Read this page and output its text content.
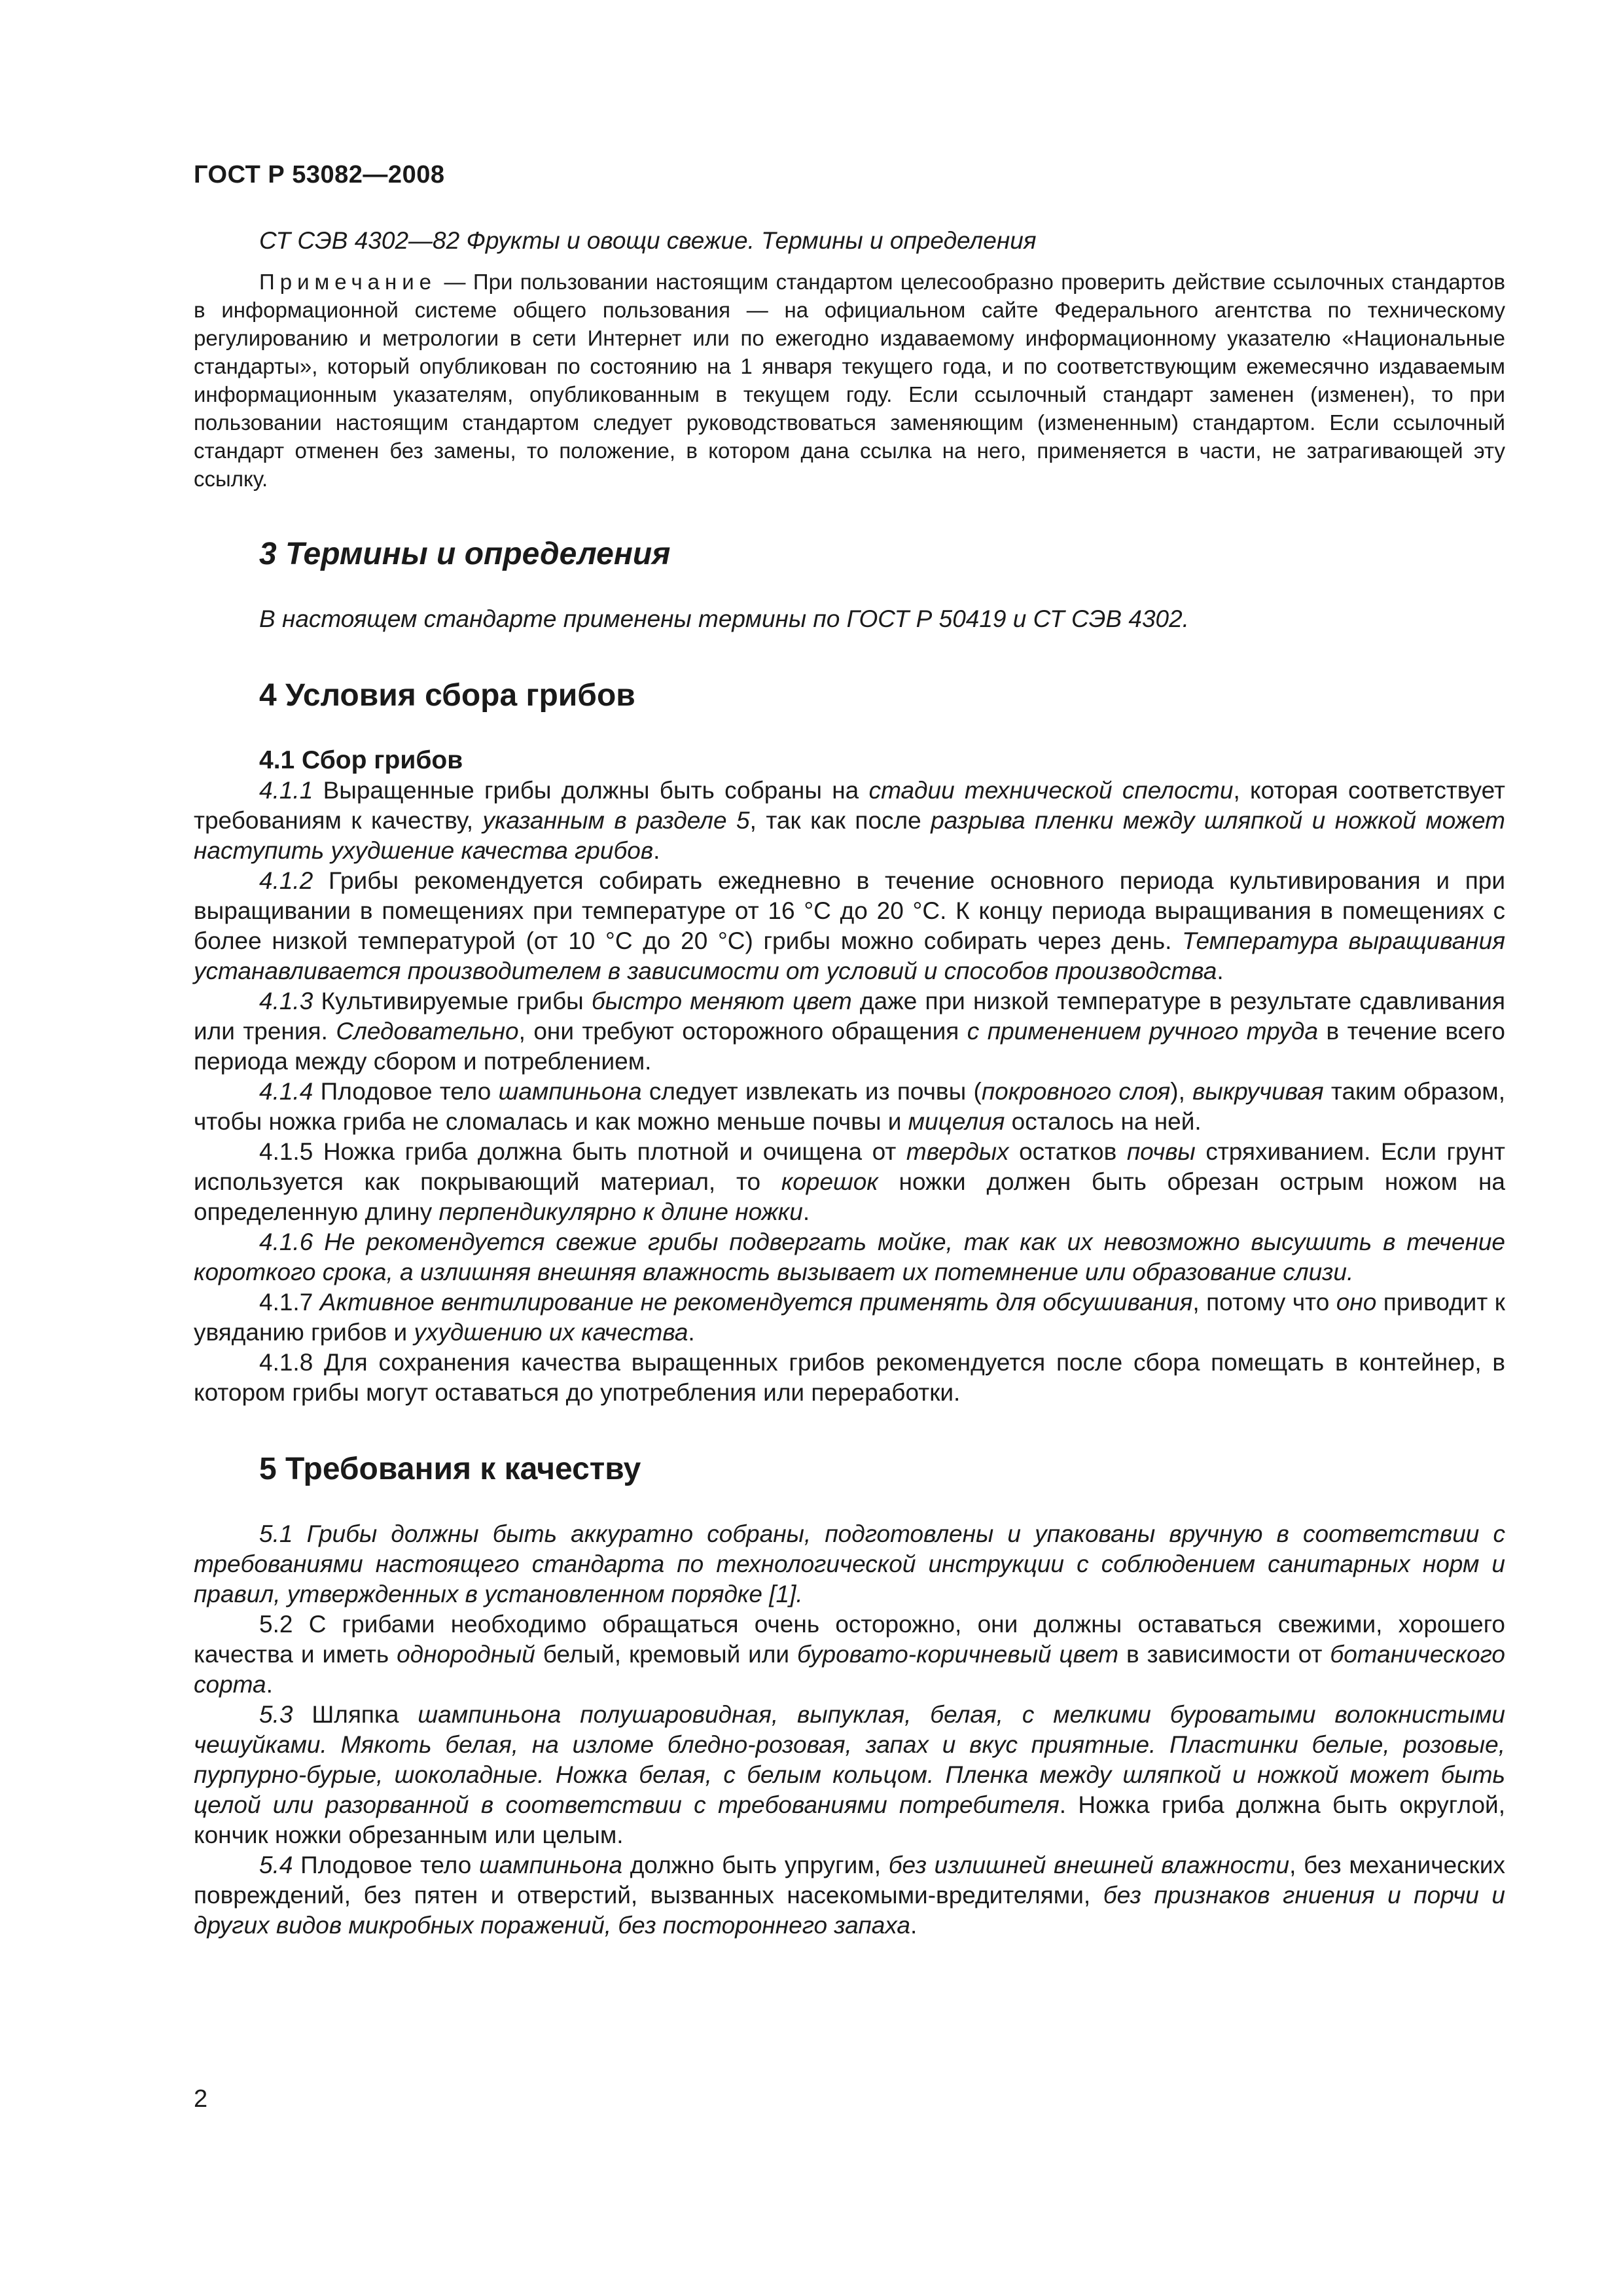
ГОСТ Р 53082—2008

СТ СЭВ 4302—82 Фрукты и овощи свежие. Термины и определения

Примечание — При пользовании настоящим стандартом целесообразно проверить действие ссылочных стандартов в информационной системе общего пользования — на официальном сайте Федерального агентства по техническому регулированию и метрологии в сети Интернет или по ежегодно издаваемому информационному указателю «Национальные стандарты», который опубликован по состоянию на 1 января текущего года, и по соответствующим ежемесячно издаваемым информационным указателям, опубликованным в текущем году. Если ссылочный стандарт заменен (изменен), то при пользовании настоящим стандартом следует руководствоваться заменяющим (измененным) стандартом. Если ссылочный стандарт отменен без замены, то положение, в котором дана ссылка на него, применяется в части, не затрагивающей эту ссылку.

3 Термины и определения

В настоящем стандарте применены термины по ГОСТ Р 50419 и СТ СЭВ 4302.

4 Условия сбора грибов

4.1 Сбор грибов

4.1.1 Выращенные грибы должны быть собраны на стадии технической спелости, которая соответствует требованиям к качеству, указанным в разделе 5, так как после разрыва пленки между шляпкой и ножкой может наступить ухудшение качества грибов.

4.1.2 Грибы рекомендуется собирать ежедневно в течение основного периода культивирования и при выращивании в помещениях при температуре от 16 °С до 20 °С. К концу периода выращивания в помещениях с более низкой температурой (от 10 °С до 20 °С) грибы можно собирать через день. Температура выращивания устанавливается производителем в зависимости от условий и способов производства.

4.1.3 Культивируемые грибы быстро меняют цвет даже при низкой температуре в результате сдавливания или трения. Следовательно, они требуют осторожного обращения с применением ручного труда в течение всего периода между сбором и потреблением.

4.1.4 Плодовое тело шампиньона следует извлекать из почвы (покровного слоя), выкручивая таким образом, чтобы ножка гриба не сломалась и как можно меньше почвы и мицелия осталось на ней.

4.1.5 Ножка гриба должна быть плотной и очищена от твердых остатков почвы стряхиванием. Если грунт используется как покрывающий материал, то корешок ножки должен быть обрезан острым ножом на определенную длину перпендикулярно к длине ножки.

4.1.6 Не рекомендуется свежие грибы подвергать мойке, так как их невозможно высушить в течение короткого срока, а излишняя внешняя влажность вызывает их потемнение или образование слизи.

4.1.7 Активное вентилирование не рекомендуется применять для обсушивания, потому что оно приводит к увяданию грибов и ухудшению их качества.

4.1.8 Для сохранения качества выращенных грибов рекомендуется после сбора помещать в контейнер, в котором грибы могут оставаться до употребления или переработки.

5 Требования к качеству

5.1 Грибы должны быть аккуратно собраны, подготовлены и упакованы вручную в соответствии с требованиями настоящего стандарта по технологической инструкции с соблюдением санитарных норм и правил, утвержденных в установленном порядке [1].

5.2 С грибами необходимо обращаться очень осторожно, они должны оставаться свежими, хорошего качества и иметь однородный белый, кремовый или буровато-коричневый цвет в зависимости от ботанического сорта.

5.3 Шляпка шампиньона полушаровидная, выпуклая, белая, с мелкими буроватыми волокнистыми чешуйками. Мякоть белая, на изломе бледно-розовая, запах и вкус приятные. Пластинки белые, розовые, пурпурно-бурые, шоколадные. Ножка белая, с белым кольцом. Пленка между шляпкой и ножкой может быть целой или разорванной в соответствии с требованиями потребителя. Ножка гриба должна быть округлой, кончик ножки обрезанным или целым.

5.4 Плодовое тело шампиньона должно быть упругим, без излишней внешней влажности, без механических повреждений, без пятен и отверстий, вызванных насекомыми-вредителями, без признаков гниения и порчи и других видов микробных поражений, без постороннего запаха.

2
